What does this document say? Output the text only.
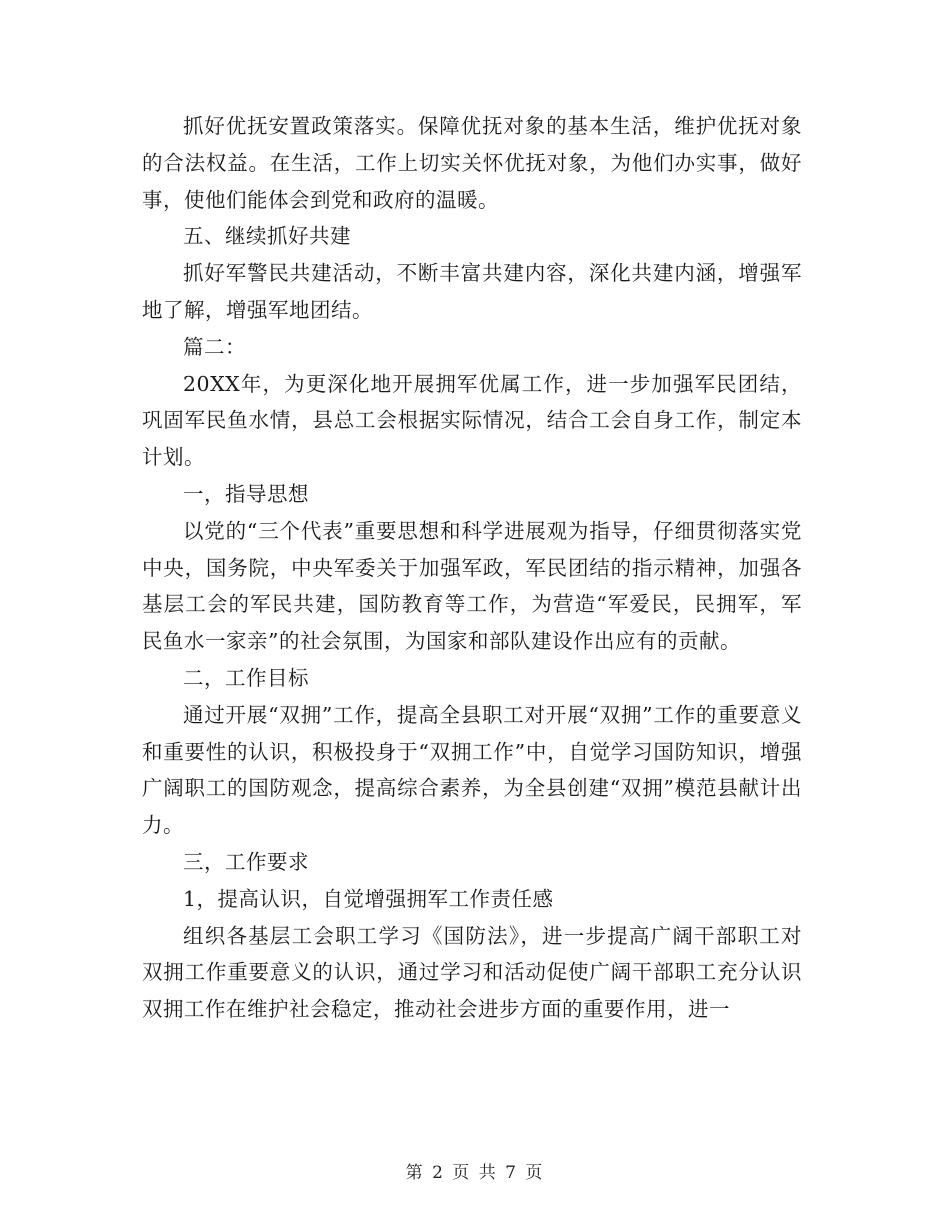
抓好优抚安置政策落实。保障优抚对象的基本生活，维护优抚对象的合法权益。在生活，工作上切实关怀优抚对象，为他们办实事，做好事，使他们能体会到党和政府的温暖。

五、继续抓好共建

抓好军警民共建活动，不断丰富共建内容，深化共建内涵，增强军地了解，增强军地团结。

篇二：

20XX年，为更深化地开展拥军优属工作，进一步加强军民团结，巩固军民鱼水情，县总工会根据实际情况，结合工会自身工作，制定本计划。

一，指导思想

以党的“三个代表”重要思想和科学进展观为指导，仔细贯彻落实党中央，国务院，中央军委关于加强军政，军民团结的指示精神，加强各基层工会的军民共建，国防教育等工作，为营造“军爱民，民拥军，军民鱼水一家亲”的社会氛围，为国家和部队建设作出应有的贡献。

二，工作目标

通过开展“双拥”工作，提高全县职工对开展“双拥”工作的重要意义和重要性的认识，积极投身于“双拥工作”中，自觉学习国防知识，增强广阔职工的国防观念，提高综合素养，为全县创建“双拥”模范县献计出力。

三，工作要求

1，提高认识，自觉增强拥军工作责任感

组织各基层工会职工学习《国防法》，进一步提高广阔干部职工对双拥工作重要意义的认识，通过学习和活动促使广阔干部职工充分认识双拥工作在维护社会稳定，推动社会进步方面的重要作用，进一

第 2 页 共 7 页
